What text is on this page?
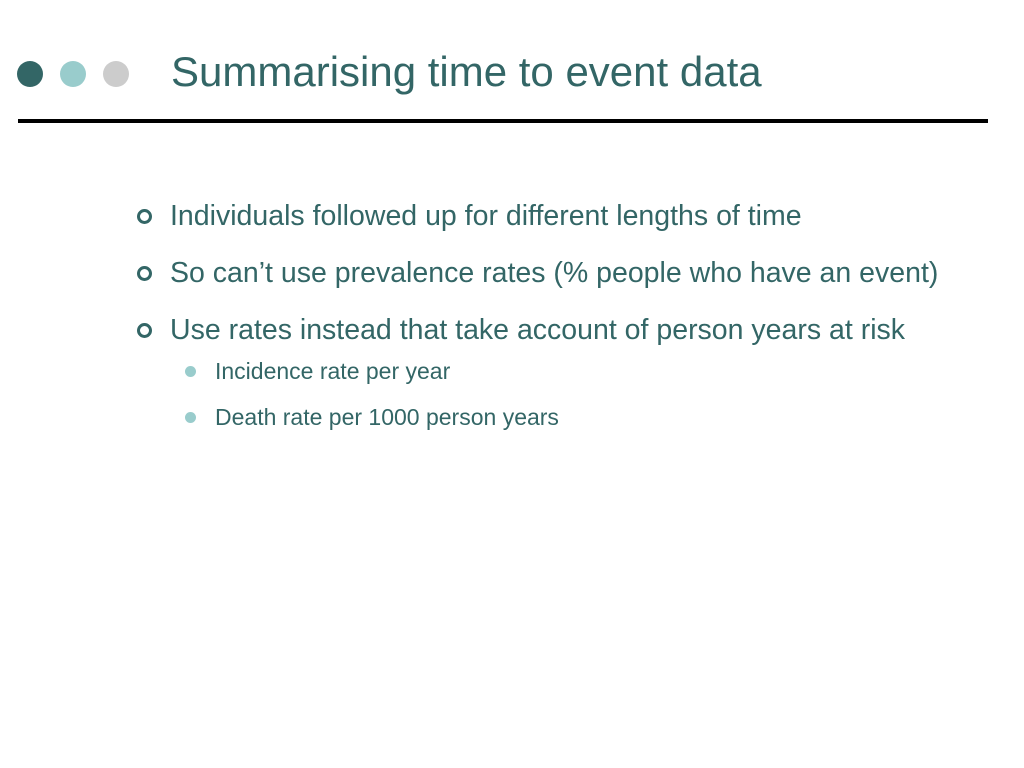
Summarising time to event data
Individuals followed up for different lengths of time
So can’t use prevalence rates (% people who have an event)
Use rates instead that take account of person years at risk
Incidence rate per year
Death rate per 1000 person years
